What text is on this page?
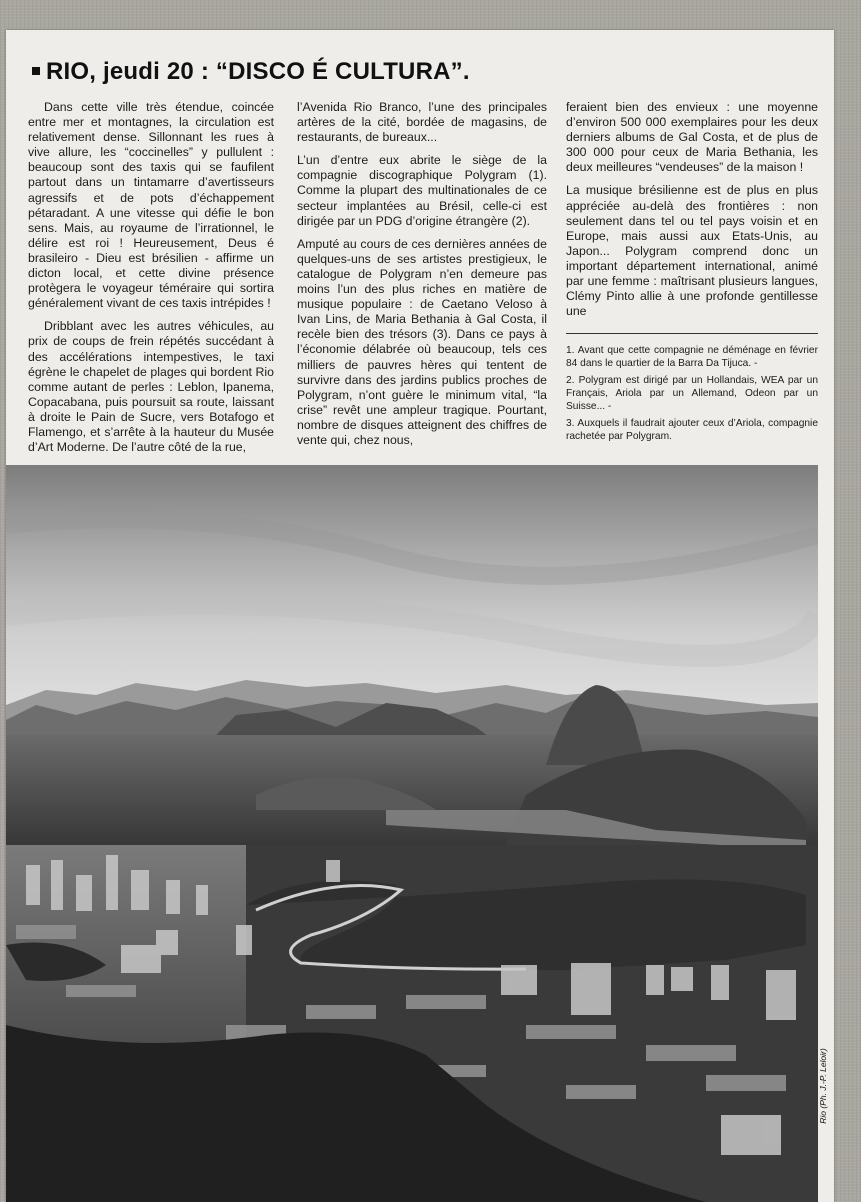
RIO, jeudi 20 : “DISCO É CULTURA”.

Dans cette ville très étendue, coincée entre mer et montagnes, la circulation est relativement dense. Sillonnant les rues à vive allure, les “coccinelles” y pullulent : beaucoup sont des taxis qui se faufilent partout dans un tintamarre d’avertisseurs agressifs et de pots d’échappement pétaradant. A une vitesse qui défie le bon sens. Mais, au royaume de l’irrationnel, le délire est roi ! Heureusement, Deus é brasileiro - Dieu est brésilien - affirme un dicton local, et cette divine présence protègera le voyageur téméraire qui sortira généralement vivant de ces taxis intrépides !

Dribblant avec les autres véhicules, au prix de coups de frein répétés succédant à des accélérations intempestives, le taxi égrène le chapelet de plages qui bordent Rio comme autant de perles : Leblon, Ipanema, Copacabana, puis poursuit sa route, laissant à droite le Pain de Sucre, vers Botafogo et Flamengo, et s’arrête à la hauteur du Musée d’Art Moderne. De l’autre côté de la rue,

l’Avenida Rio Branco, l’une des principales artères de la cité, bordée de magasins, de restaurants, de bureaux...

L’un d’entre eux abrite le siège de la compagnie discographique Polygram (1). Comme la plupart des multinationales de ce secteur implantées au Brésil, celle-ci est dirigée par un PDG d’origine étrangère (2).

Amputé au cours de ces dernières années de quelques-uns de ses artistes prestigieux, le catalogue de Polygram n’en demeure pas moins l’un des plus riches en matière de musique populaire : de Caetano Veloso à Ivan Lins, de Maria Bethania à Gal Costa, il recèle bien des trésors (3). Dans ce pays à l’économie délabrée où beaucoup, tels ces milliers de pauvres hères qui tentent de survivre dans des jardins publics proches de Polygram, n’ont guère le minimum vital, “la crise” revêt une ampleur tragique. Pourtant, nombre de disques atteignent des chiffres de vente qui, chez nous,

feraient bien des envieux : une moyenne d’environ 500 000 exemplaires pour les deux derniers albums de Gal Costa, et de plus de 300 000 pour ceux de Maria Bethania, les deux meilleures “vendeuses” de la maison !

La musique brésilienne est de plus en plus appréciée au-delà des frontières : non seulement dans tel ou tel pays voisin et en Europe, mais aussi aux Etats-Unis, au Japon... Polygram comprend donc un important département international, animé par une femme : maîtrisant plusieurs langues, Clémy Pinto allie à une profonde gentillesse une

1. Avant que cette compagnie ne déménage en février 84 dans le quartier de la Barra Da Tijuca. -

2. Polygram est dirigé par un Hollandais, WEA par un Français, Ariola par un Allemand, Odeon par un Suisse... -

3. Auxquels il faudrait ajouter ceux d’Ariola, compagnie rachetée par Polygram.

Rio (Ph. J.-P. Leloir)
